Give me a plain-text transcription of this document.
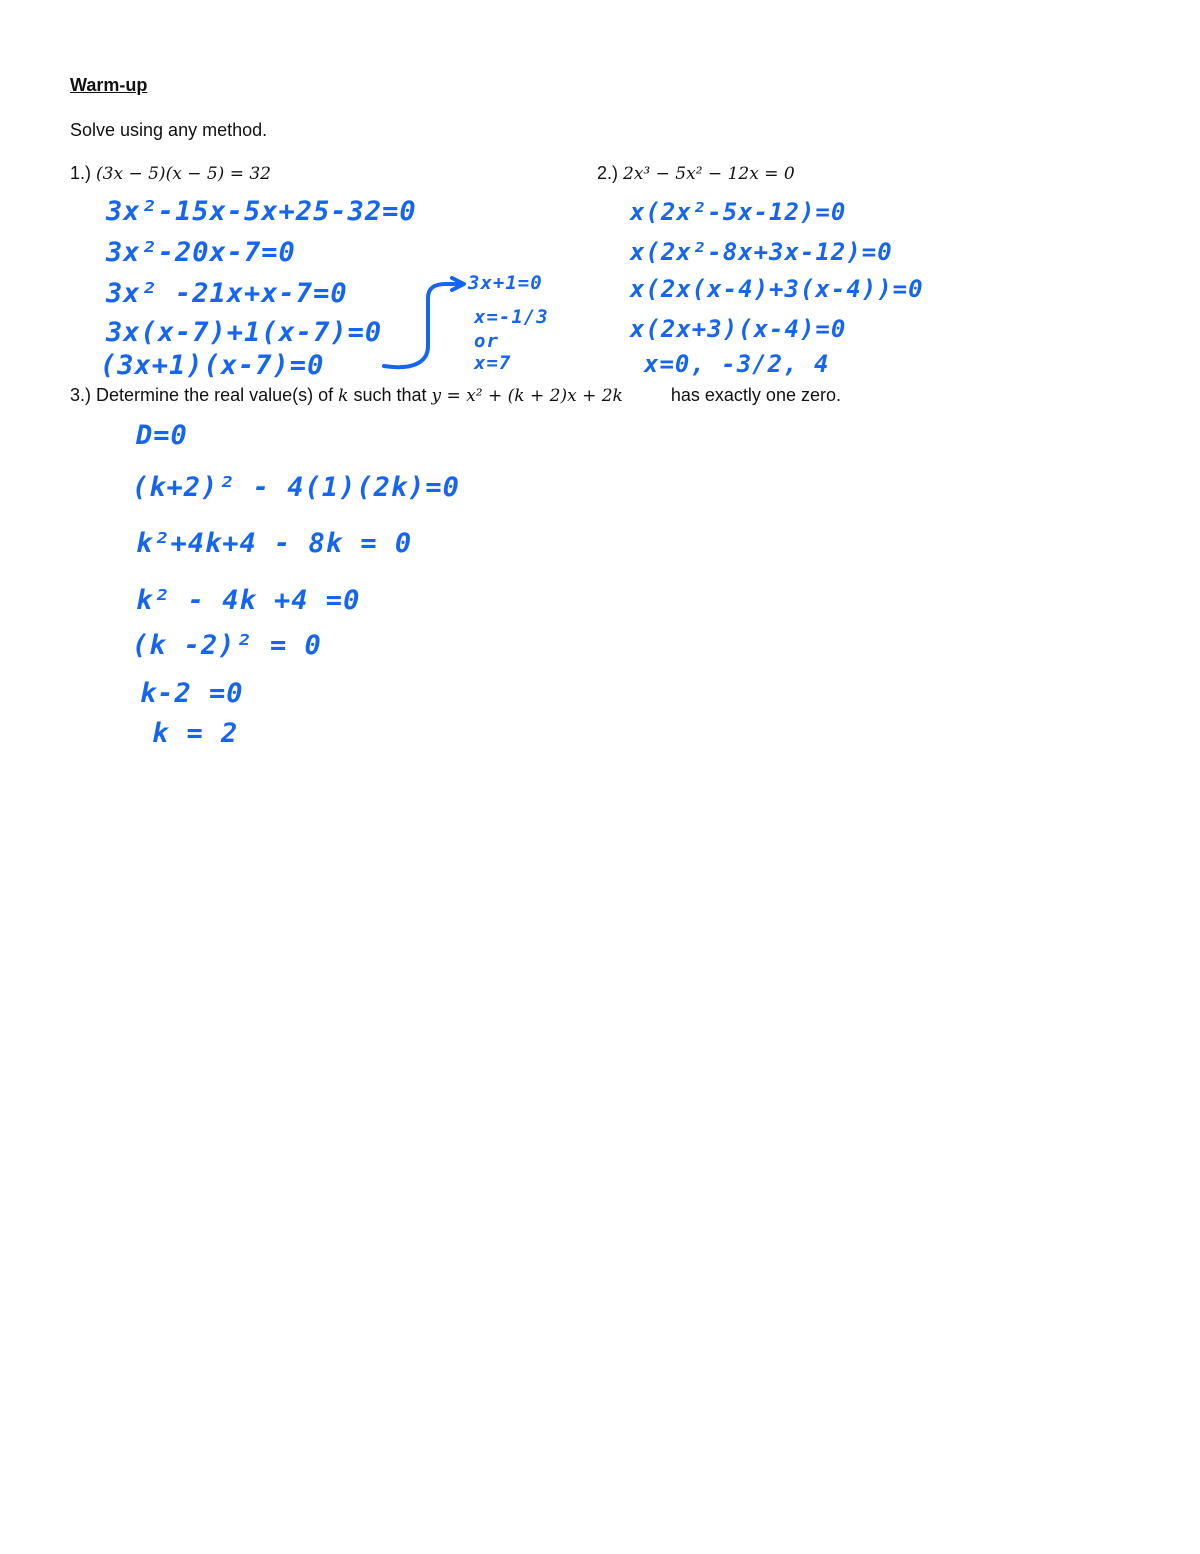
Warm-up
Solve using any method.
1.) (3x − 5)(x − 5) = 32
3x²-15x-5x+25-32=0
3x²-20x-7=0
3x² -21x+x-7=0
3x(x-7)+1(x-7)=0
(3x+1)(x-7)=0
3x+1=0
x=-1/3
or
x=7
2.) 2x³ − 5x² − 12x = 0
x(2x²-5x-12)=0
x(2x²-8x+3x-12)=0
x(2x(x-4)+3(x-4))=0
x(2x+3)(x-4)=0
x=0, -3/2, 4
3.) Determine the real value(s) of k such that y = x² + (k + 2)x + 2k	has exactly one zero.
D=0
(k+2)² - 4(1)(2k)=0
k²+4k+4 - 8k = 0
k² - 4k +4 =0
(k -2)² = 0
k-2 =0
k = 2
